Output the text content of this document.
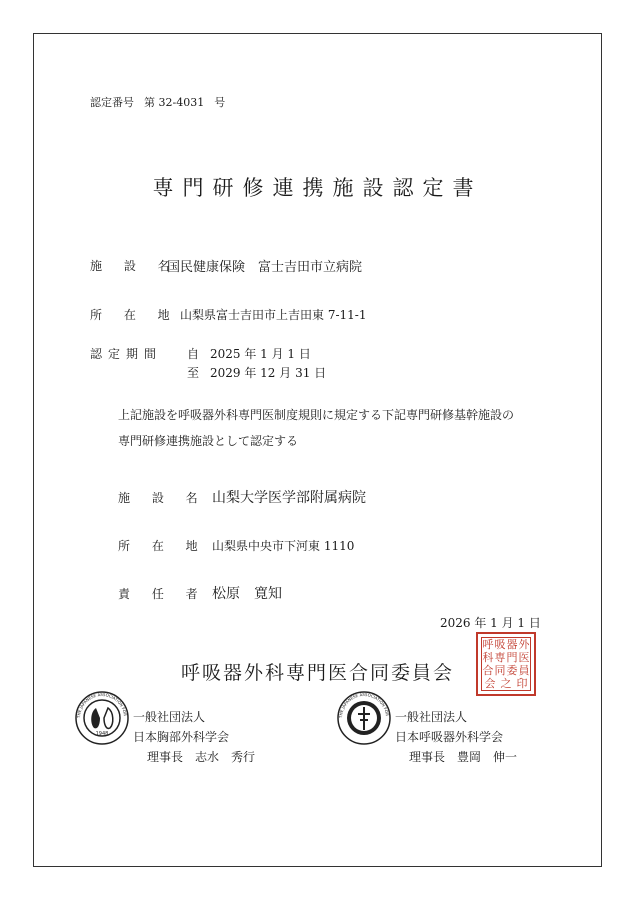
認定番号 第 32-4031 号
専門研修連携施設認定書
施 設 名
国民健康保険　富士吉田市立病院
所 在 地 山梨県富士吉田市上吉田東 7-11-1
認定期間 自 2025 年 1 月 1 日
至 2029 年 12 月 31 日
上記施設を呼吸器外科専門医制度規則に規定する下記専門研修基幹施設の
専門研修連携施設として認定する
施 設 名 山梨大学医学部附属病院
所 在 地 山梨県中央市下河東 1110
責 任 者 松原　寛知
2026 年 1 月 1 日
呼吸器外科専門医合同委員会
呼 吸 器 外
科 専 門 医
合 同 委 員
会 之 印
1948
THE JAPANESE ASSOCIATION FOR 一般社団法人
日本胸部外科学会
理事長　 志水　秀行
THE JAPANESE ASSOCIATION FOR 一般社団法人
日本呼吸器外科学会
理事長　 豊岡　伸一
